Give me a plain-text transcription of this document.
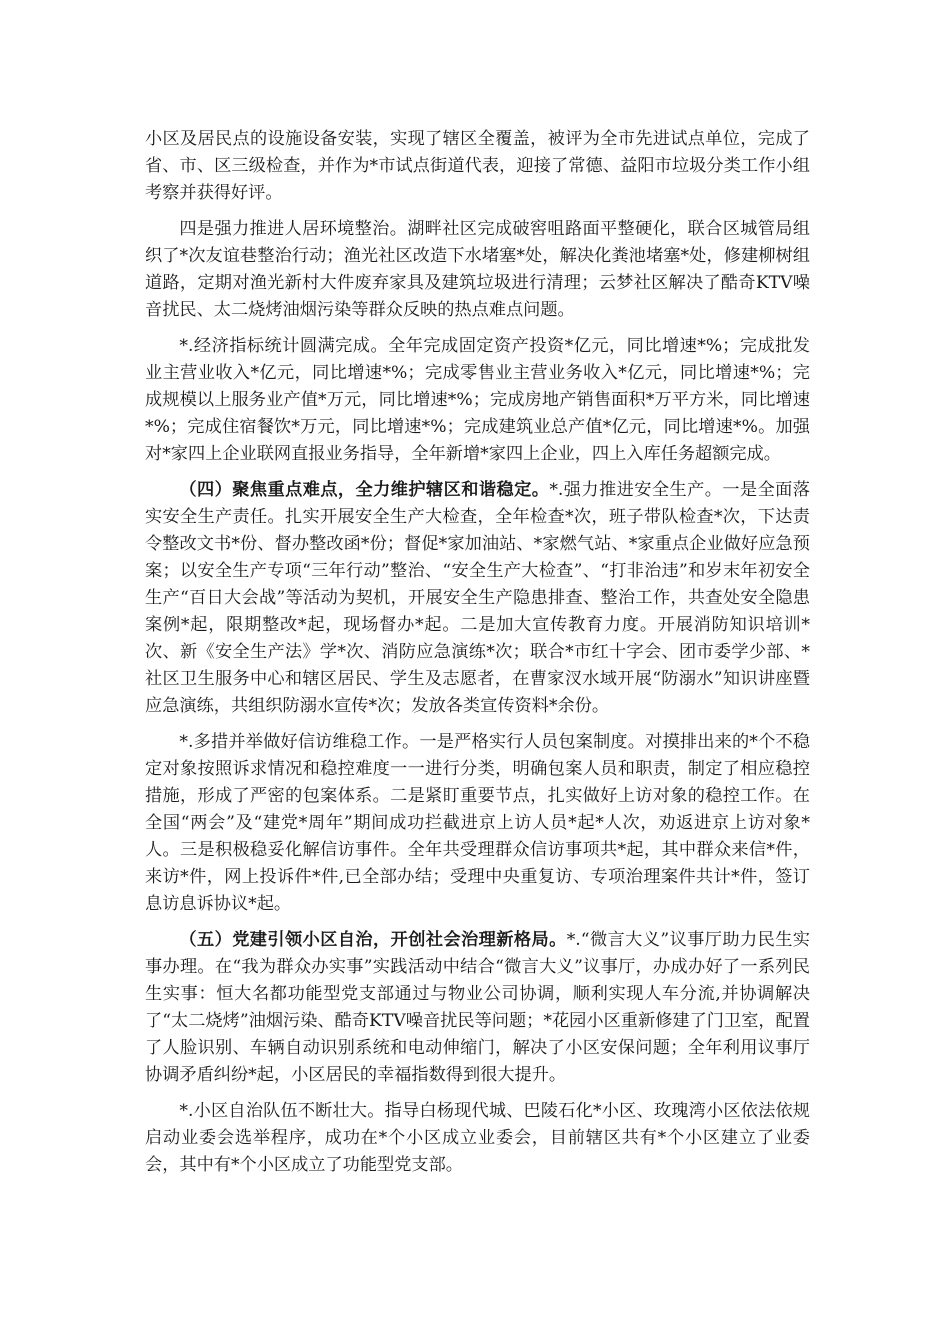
小区及居民点的设施设备安装，实现了辖区全覆盖，被评为全市先进试点单位，完成了省、市、区三级检查，并作为*市试点街道代表，迎接了常德、益阳市垃圾分类工作小组考察并获得好评。

四是强力推进人居环境整治。湖畔社区完成破窖咀路面平整硬化，联合区城管局组织了*次友谊巷整治行动；渔光社区改造下水堵塞*处，解决化粪池堵塞*处，修建柳树组道路，定期对渔光新村大件废弃家具及建筑垃圾进行清理；云梦社区解决了酷奇KTV噪音扰民、太二烧烤油烟污染等群众反映的热点难点问题。

*.经济指标统计圆满完成。全年完成固定资产投资*亿元，同比增速*%；完成批发业主营业收入*亿元，同比增速*%；完成零售业主营业务收入*亿元，同比增速*%；完成规模以上服务业产值*万元，同比增速*%；完成房地产销售面积*万平方米，同比增速*%；完成住宿餐饮*万元，同比增速*%；完成建筑业总产值*亿元，同比增速*%。加强对*家四上企业联网直报业务指导，全年新增*家四上企业，四上入库任务超额完成。

（四）聚焦重点难点，全力维护辖区和谐稳定。*.强力推进安全生产。一是全面落实安全生产责任。扎实开展安全生产大检查，全年检查*次，班子带队检查*次，下达责令整改文书*份、督办整改函*份；督促*家加油站、*家燃气站、*家重点企业做好应急预案；以安全生产专项“三年行动”整治、“安全生产大检查”、“打非治违”和岁末年初安全生产“百日大会战”等活动为契机，开展安全生产隐患排查、整治工作，共查处安全隐患案例*起，限期整改*起，现场督办*起。二是加大宣传教育力度。开展消防知识培训*次、新《安全生产法》学*次、消防应急演练*次；联合*市红十字会、团市委学少部、*社区卫生服务中心和辖区居民、学生及志愿者，在曹家汊水域开展“防溺水”知识讲座暨应急演练，共组织防溺水宣传*次；发放各类宣传资料*余份。

*.多措并举做好信访维稳工作。一是严格实行人员包案制度。对摸排出来的*个不稳定对象按照诉求情况和稳控难度一一进行分类，明确包案人员和职责，制定了相应稳控措施，形成了严密的包案体系。二是紧盯重要节点，扎实做好上访对象的稳控工作。在全国“两会”及“建党*周年”期间成功拦截进京上访人员*起*人次，劝返进京上访对象*人。三是积极稳妥化解信访事件。全年共受理群众信访事项共*起，其中群众来信*件，来访*件，网上投诉件*件,已全部办结；受理中央重复访、专项治理案件共计*件，签订息访息诉协议*起。

（五）党建引领小区自治，开创社会治理新格局。*.“微言大义”议事厅助力民生实事办理。在“我为群众办实事”实践活动中结合“微言大义”议事厅，办成办好了一系列民生实事：恒大名都功能型党支部通过与物业公司协调，顺利实现人车分流,并协调解决了“太二烧烤”油烟污染、酷奇KTV噪音扰民等问题；*花园小区重新修建了门卫室，配置了人脸识别、车辆自动识别系统和电动伸缩门，解决了小区安保问题；全年利用议事厅协调矛盾纠纷*起，小区居民的幸福指数得到很大提升。

*.小区自治队伍不断壮大。指导白杨现代城、巴陵石化*小区、玫瑰湾小区依法依规启动业委会选举程序，成功在*个小区成立业委会，目前辖区共有*个小区建立了业委会，其中有*个小区成立了功能型党支部。
